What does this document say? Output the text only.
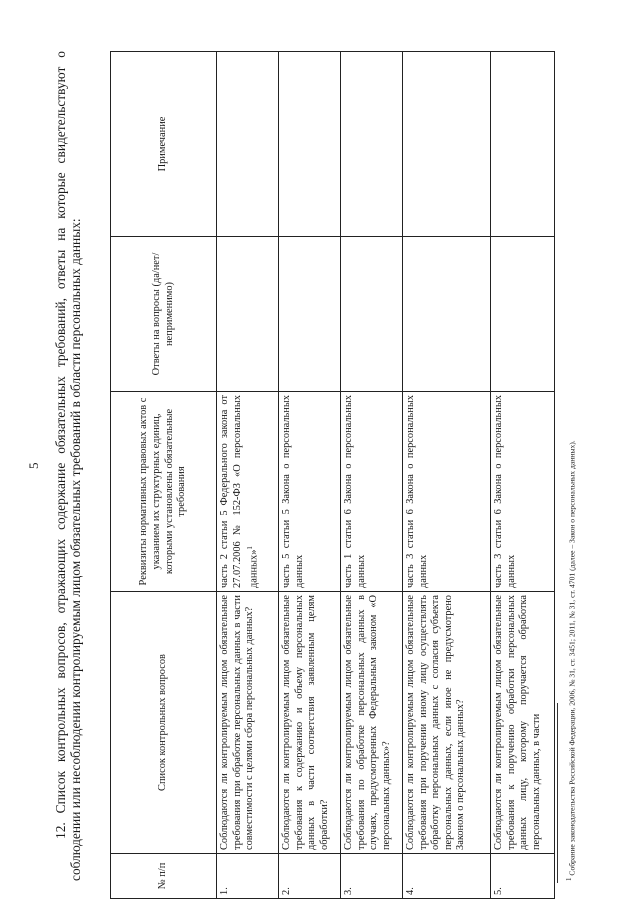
5 12. Список контрольных вопросов, отражающих содержание обязательных требований, ответы на которые свидетельствуют о соблюдении или несоблюдении контролируемым лицом обязательных требований в области персональных данных:	№ п/п	Список контрольных вопросов	Реквизиты нормативных правовых актов с указанием их структурных единиц, которыми установлены обязательные требования	Ответы на вопросы (да/нет/неприменимо)	Примечание
1.	Соблюдаются ли контролируемым лицом обязательные требования при обработке персональных данных в части совместимости с целями сбора персональных данных?	часть 2 статьи 5 Федерального закона от 27.07.2006 № 152-ФЗ «О персональных данных»$^1$		
2.	Соблюдаются ли контролируемым лицом обязательные требования к содержанию и объему персональных данных в части соответствия заявленным целям обработки?	часть 5 статьи 5 Закона о персональных данных		
3.	Соблюдаются ли контролируемым лицом обязательные требования по обработке персональных данных в случаях, предусмотренных Федеральным законом «О персональных данных»?	часть 1 статьи 6 Закона о персональных данных		
4.	Соблюдаются ли контролируемым лицом обязательные требования при поручении иному лицу осуществлять обработку персональных данных с согласия субъекта персональных данных, если иное не предусмотрено Законом о персональных данных?	часть 3 статьи 6 Закона о персональных данных		
5.	Соблюдаются ли контролируемым лицом обязательные требования к поручению обработки персональных данных лицу, которому поручается обработка персональных данных, в части	часть 3 статьи 6 Закона о персональных данных		
$^1$ Собрание законодательства Российской Федерации, 2006, № 31, ст. 3451; 2011, № 31, ст. 4701 (далее – Закон о персональных данных).
